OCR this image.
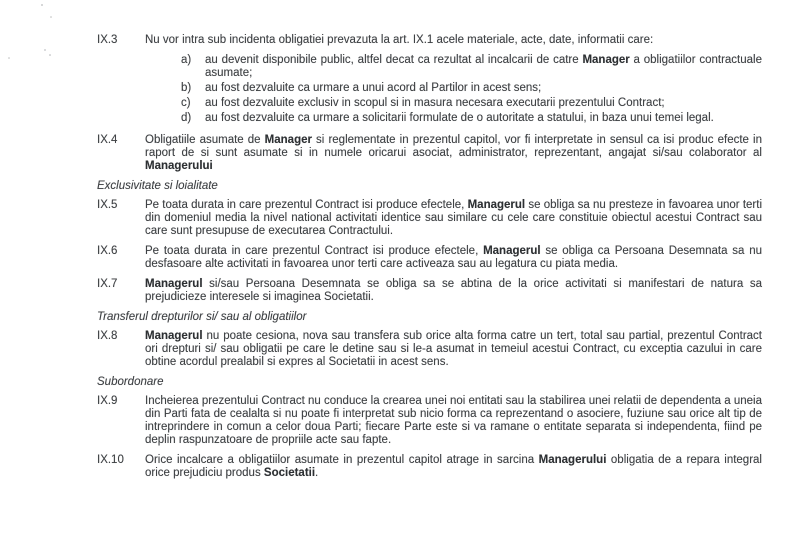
IX.3	Nu vor intra sub incidenta obligatiei prevazuta la art. IX.1 acele materiale, acte, date, informatii care:
a)	au devenit disponibile public, altfel decat ca rezultat al incalcarii de catre Manager a obligatiilor contractuale asumate;
b)	au fost dezvaluite ca urmare a unui acord al Partilor in acest sens;
c)	au fost dezvaluite exclusiv in scopul si in masura necesara executarii prezentului Contract;
d)	au fost dezvaluite ca urmare a solicitarii formulate de o autoritate a statului, in baza unui temei legal.
IX.4	Obligatiile asumate de Manager si reglementate in prezentul capitol, vor fi interpretate in sensul ca isi produc efecte in raport de si sunt asumate si in numele oricarui asociat, administrator, reprezentant, angajat si/sau colaborator al Managerului
Exclusivitate si loialitate
IX.5	Pe toata durata in care prezentul Contract isi produce efectele, Managerul se obliga sa nu presteze in favoarea unor terti din domeniul media la nivel national activitati identice sau similare cu cele care constituie obiectul acestui Contract sau care sunt presupuse de executarea Contractului.
IX.6	Pe toata durata in care prezentul Contract isi produce efectele, Managerul se obliga ca Persoana Desemnata sa nu desfasoare alte activitati in favoarea unor terti care activeaza sau au legatura cu piata media.
IX.7	Managerul si/sau Persoana Desemnata se obliga sa se abtina de la orice activitati si manifestari de natura sa prejudicieze interesele si imaginea Societatii.
Transferul drepturilor si/ sau al obligatiilor
IX.8	Managerul nu poate cesiona, nova sau transfera sub orice alta forma catre un tert, total sau partial, prezentul Contract ori drepturi si/ sau obligatii pe care le detine sau si le-a asumat in temeiul acestui Contract, cu exceptia cazului in care obtine acordul prealabil si expres al Societatii in acest sens.
Subordonare
IX.9	Incheierea prezentului Contract nu conduce la crearea unei noi entitati sau la stabilirea unei relatii de dependenta a uneia din Parti fata de cealalta si nu poate fi interpretat sub nicio forma ca reprezentand o asociere, fuziune sau orice alt tip de intreprindere in comun a celor doua Parti; fiecare Parte este si va ramane o entitate separata si independenta, fiind pe deplin raspunzatoare de propriile acte sau fapte.
IX.10	Orice incalcare a obligatiilor asumate in prezentul capitol atrage in sarcina Managerului obligatia de a repara integral orice prejudiciu produs Societatii.
